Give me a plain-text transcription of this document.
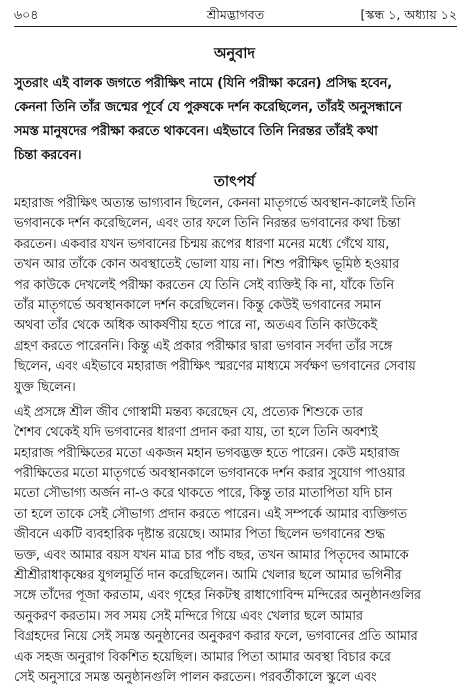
৬০৪	শ্রীমদ্ভাগবত	[স্কন্ধ ১, অধ্যায় ১২
অনুবাদ
সুতরাং এই বালক জগতে পরীক্ষিৎ নামে (যিনি পরীক্ষা করেন) প্রসিদ্ধ হবেন,
কেননা তিনি তাঁর জন্মের পূর্বে যে পুরুষকে দর্শন করেছিলেন, তাঁরই অনুসন্ধানে
সমস্ত মানুষদের পরীক্ষা করতে থাকবেন। এইভাবে তিনি নিরন্তর তাঁরই কথা
চিন্তা করবেন।
তাৎপর্য
মহারাজ পরীক্ষিৎ অত্যন্ত ভাগ্যবান ছিলেন, কেননা মাতৃগর্ভে অবস্থান-কালেই তিনি
ভগবানকে দর্শন করেছিলেন, এবং তার ফলে তিনি নিরন্তর ভগবানের কথা চিন্তা
করতেন। একবার যখন ভগবানের চিন্ময় রূপের ধারণা মনের মধ্যে গেঁথে যায়,
তখন আর তাঁকে কোন অবস্থাতেই ভোলা যায় না। শিশু পরীক্ষিৎ ভূমিষ্ঠ হওয়ার
পর কাউকে দেখলেই পরীক্ষা করতেন যে তিনি সেই ব্যক্তিই কি না, যাঁকে তিনি
তাঁর মাতৃগর্ভে অবস্থানকালে দর্শন করেছিলেন। কিন্তু কেউই ভগবানের সমান
অথবা তাঁর থেকে অধিক আকর্ষণীয় হতে পারে না, অতএব তিনি কাউকেই
গ্রহণ করতে পারেননি। কিন্তু এই প্রকার পরীক্ষার দ্বারা ভগবান সর্বদা তাঁর সঙ্গে
ছিলেন, এবং এইভাবে মহারাজ পরীক্ষিৎ স্মরণের মাধ্যমে সর্বক্ষণ ভগবানের সেবায়
যুক্ত ছিলেন।
এই প্রসঙ্গে শ্রীল জীব গোস্বামী মন্তব্য করেছেন যে, প্রত্যেক শিশুকে তার
শৈশব থেকেই যদি ভগবানের ধারণা প্রদান করা যায়, তা হলে তিনি অবশ্যই
মহারাজ পরীক্ষিতের মতো একজন মহান ভগবদ্ভক্ত হতে পারেন। কেউ মহারাজ
পরীক্ষিতের মতো মাতৃগর্ভে অবস্থানকালে ভগবানকে দর্শন করার সুযোগ পাওয়ার
মতো সৌভাগ্য অর্জন না-ও করে থাকতে পারে, কিন্তু তার মাতাপিতা যদি চান
তা হলে তাকে সেই সৌভাগ্য প্রদান করতে পারেন। এই সম্পর্কে আমার ব্যক্তিগত
জীবনে একটি ব্যবহারিক দৃষ্টান্ত রয়েছে। আমার পিতা ছিলেন ভগবানের শুদ্ধ
ভক্ত, এবং আমার বয়স যখন মাত্র চার পাঁচ বছর, তখন আমার পিতৃদেব আমাকে
শ্রীশ্রীরাধাকৃষ্ণের যুগলমূর্তি দান করেছিলেন। আমি খেলার ছলে আমার ভগিনীর
সঙ্গে তাঁদের পূজা করতাম, এবং গৃহের নিকটস্থ রাধাগোবিন্দ মন্দিরের অনুষ্ঠানগুলির
অনুকরণ করতাম। সব সময় সেই মন্দিরে গিয়ে এবং খেলার ছলে আমার
বিগ্রহদের নিয়ে সেই সমস্ত অনুষ্ঠানের অনুকরণ করার ফলে, ভগবানের প্রতি আমার
এক সহজ অনুরাগ বিকশিত হয়েছিল। আমার পিতা আমার অবস্থা বিচার করে
সেই অনুসারে সমস্ত অনুষ্ঠানগুলি পালন করতেন। পরবর্তীকালে স্কুলে এবং
